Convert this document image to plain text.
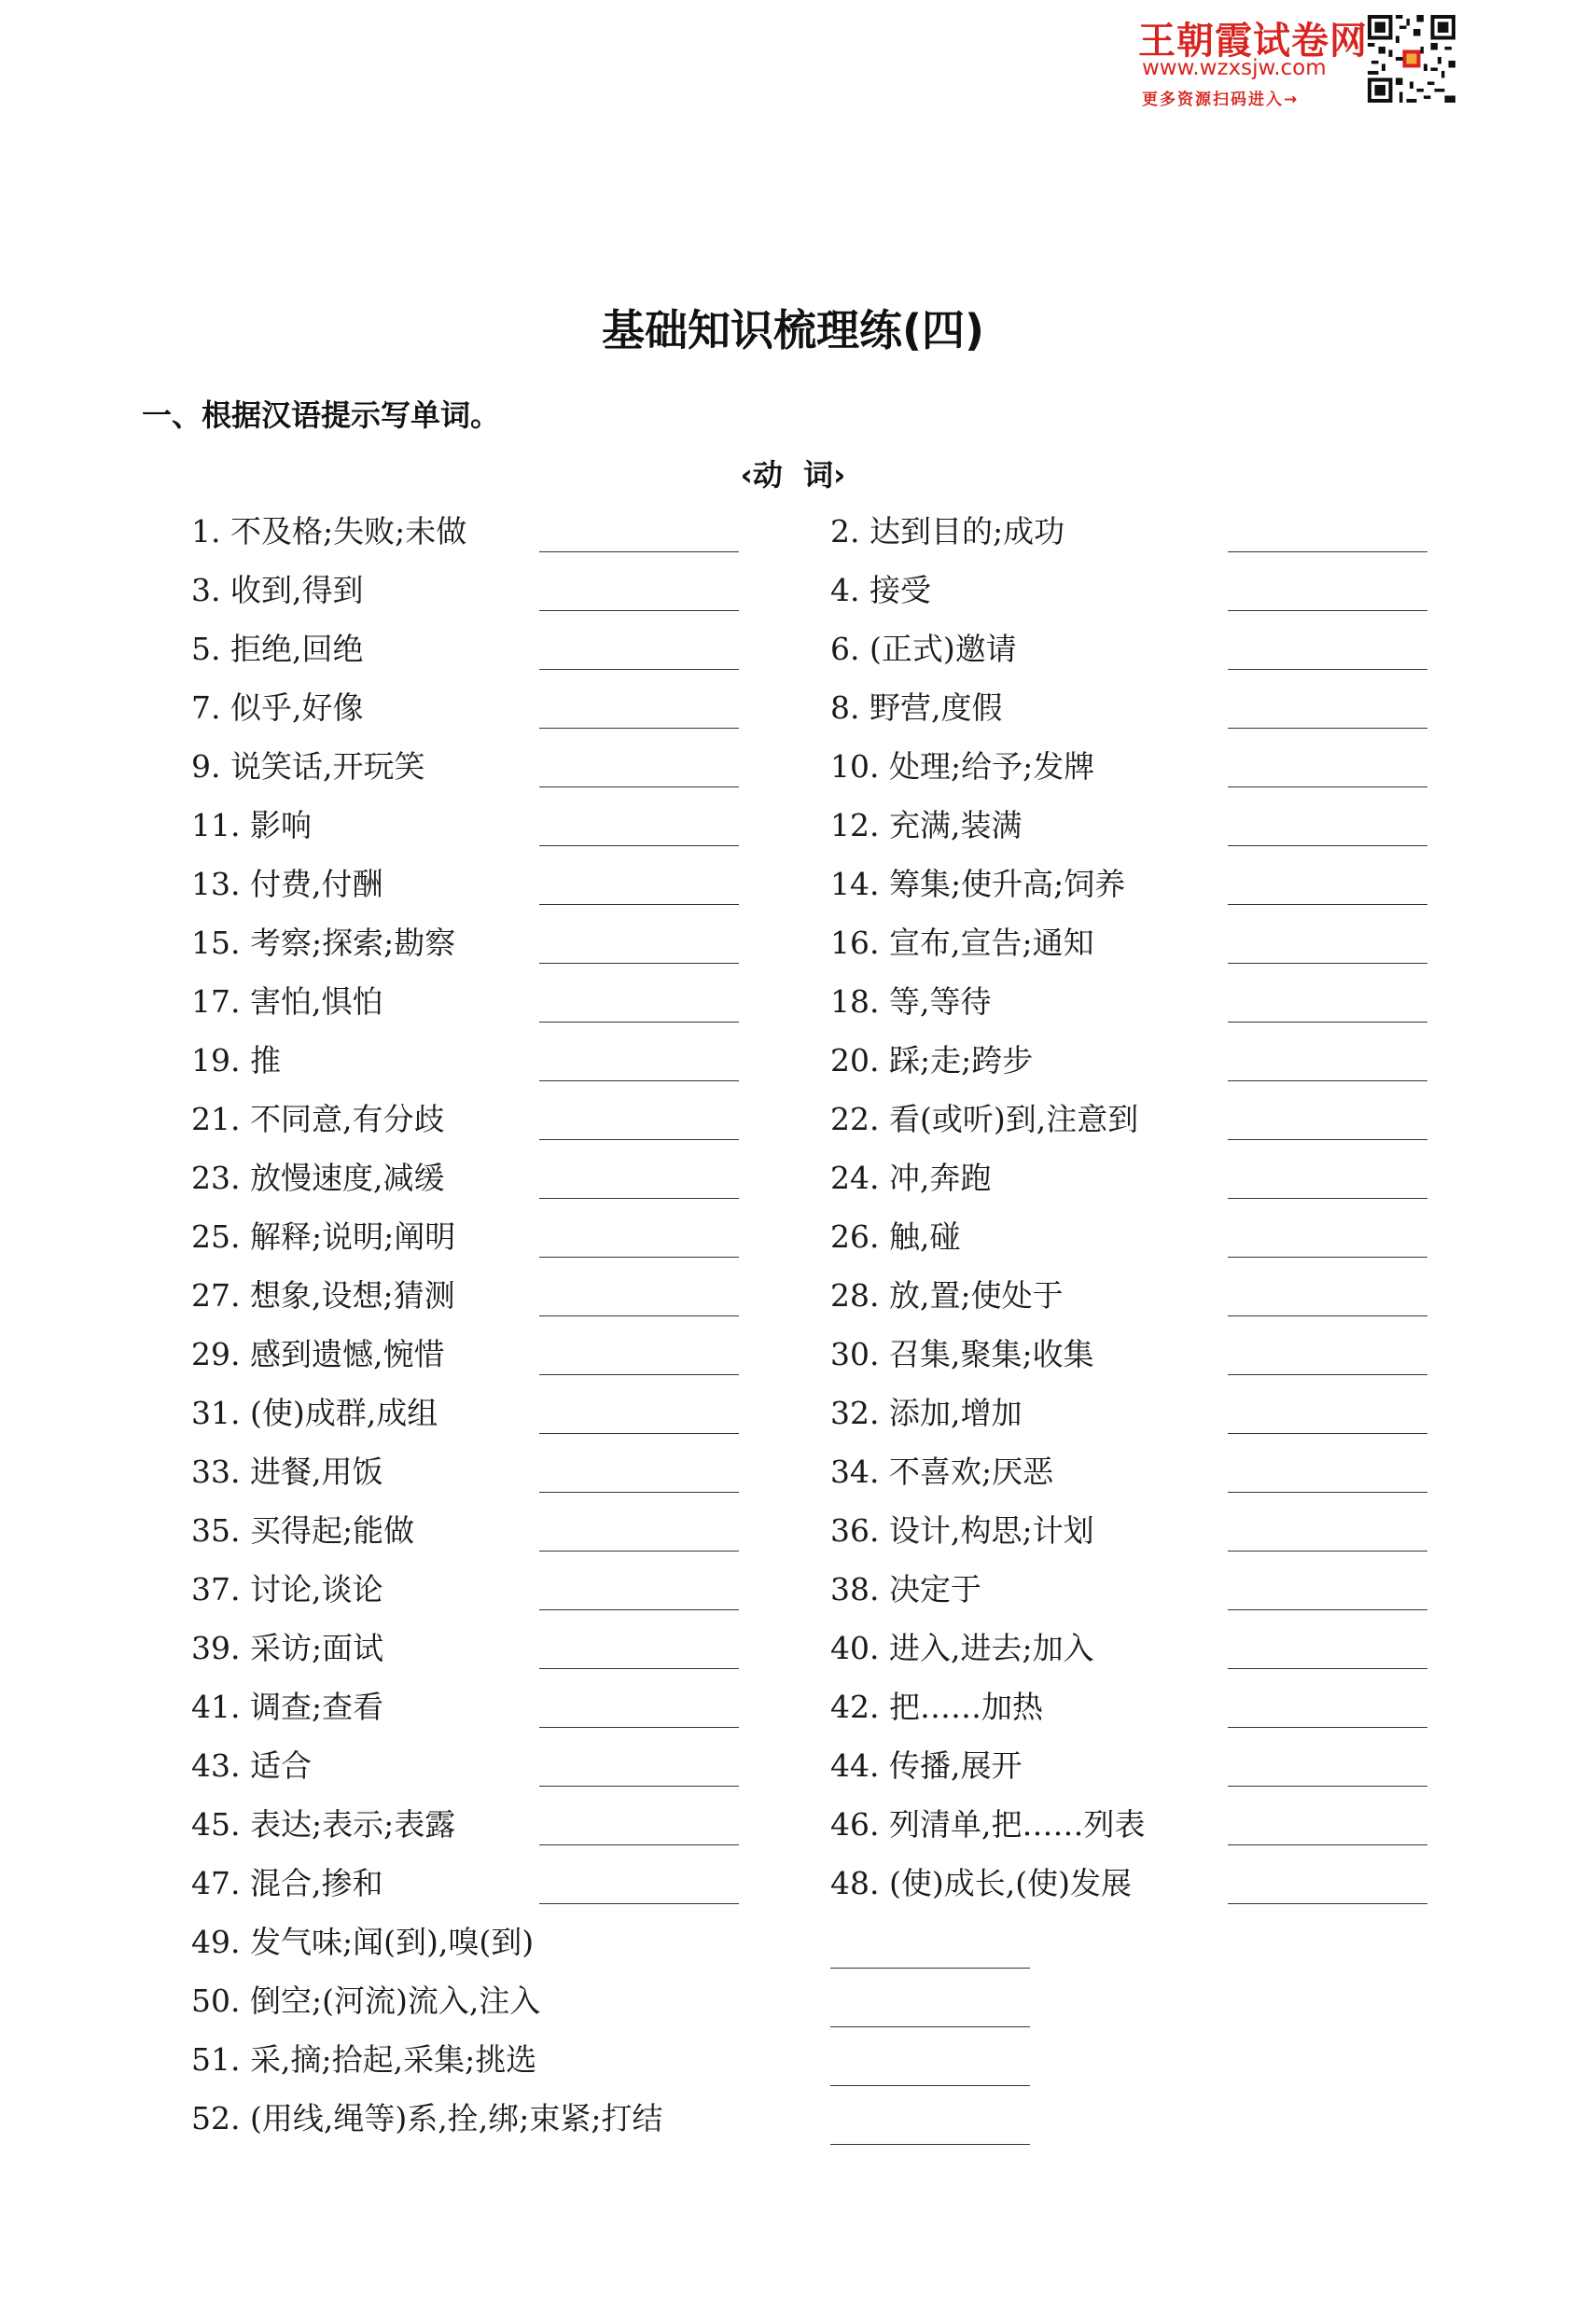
王朝霞试卷网
www.wzxsjw.com
更多资源扫码进入→
基础知识梳理练(四)
一、根据汉语提示写单词。
‹动  词›
1. 不及格;失败;未做	2. 达到目的;成功
3. 收到,得到	4. 接受
5. 拒绝,回绝	6. (正式)邀请
7. 似乎,好像	8. 野营,度假
9. 说笑话,开玩笑	10. 处理;给予;发牌
11. 影响	12. 充满,装满
13. 付费,付酬	14. 筹集;使升高;饲养
15. 考察;探索;勘察	16. 宣布,宣告;通知
17. 害怕,惧怕	18. 等,等待
19. 推	20. 踩;走;跨步
21. 不同意,有分歧	22. 看(或听)到,注意到
23. 放慢速度,减缓	24. 冲,奔跑
25. 解释;说明;阐明	26. 触,碰
27. 想象,设想;猜测	28. 放,置;使处于
29. 感到遗憾,惋惜	30. 召集,聚集;收集
31. (使)成群,成组	32. 添加,增加
33. 进餐,用饭	34. 不喜欢;厌恶
35. 买得起;能做	36. 设计,构思;计划
37. 讨论,谈论	38. 决定于
39. 采访;面试	40. 进入,进去;加入
41. 调查;查看	42. 把……加热
43. 适合	44. 传播,展开
45. 表达;表示;表露	46. 列清单,把……列表
47. 混合,掺和	48. (使)成长,(使)发展
49. 发气味;闻(到),嗅(到)
50. 倒空;(河流)流入,注入
51. 采,摘;拾起,采集;挑选
52. (用线,绳等)系,拴,绑;束紧;打结
